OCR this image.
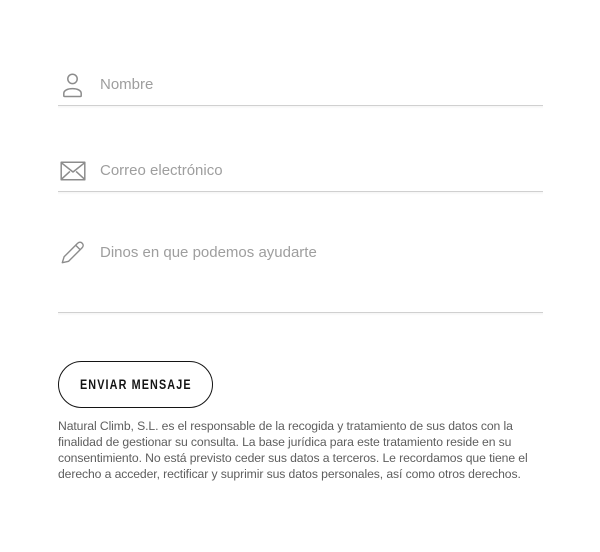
Nombre
Correo electrónico
Dinos en que podemos ayudarte
ENVIAR MENSAJE

Natural Climb, S.L. es el responsable de la recogida y tratamiento de sus datos con la finalidad de gestionar su consulta. La base jurídica para este tratamiento reside en su consentimiento. No está previsto ceder sus datos a terceros. Le recordamos que tiene el derecho a acceder, rectificar y suprimir sus datos personales, así como otros derechos.
